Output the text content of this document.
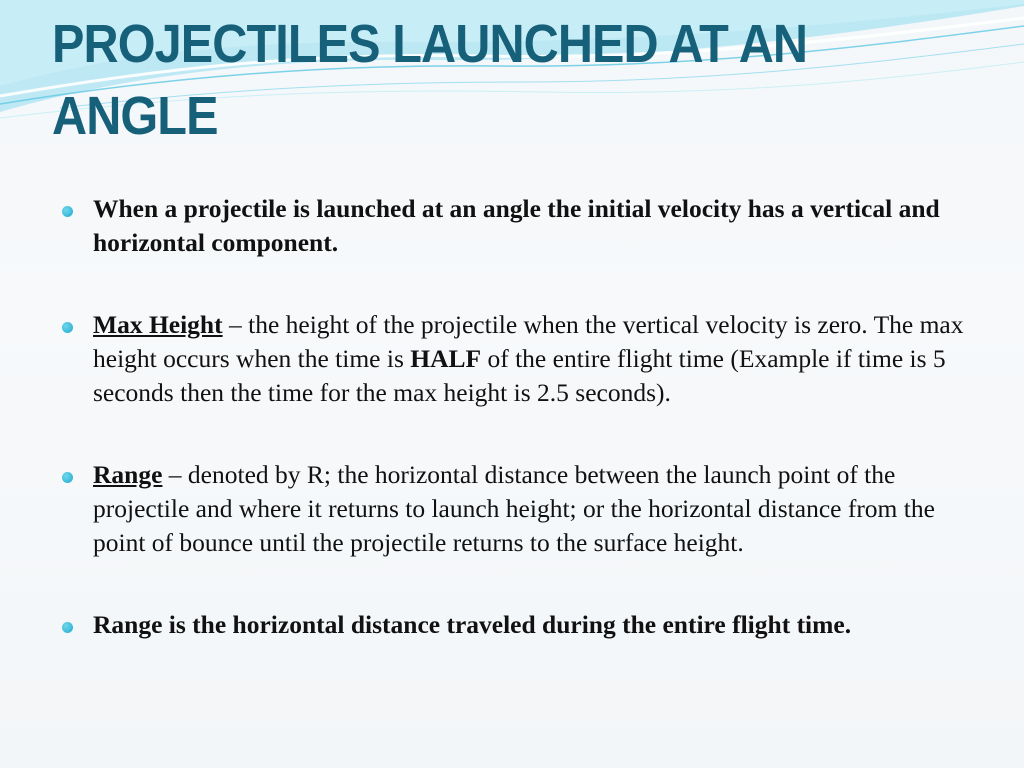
PROJECTILES LAUNCHED AT AN
ANGLE
When a projectile is launched at an angle the initial velocity has a vertical and horizontal component.
Max Height – the height of the projectile when the vertical velocity is zero. The max height occurs when the time is HALF of the entire flight time (Example if time is 5 seconds then the time for the max height is 2.5 seconds).
Range – denoted by R; the horizontal distance between the launch point of the projectile and where it returns to launch height; or the horizontal distance from the point of bounce until the projectile returns to the surface height.
Range is the horizontal distance traveled during the entire flight time.
